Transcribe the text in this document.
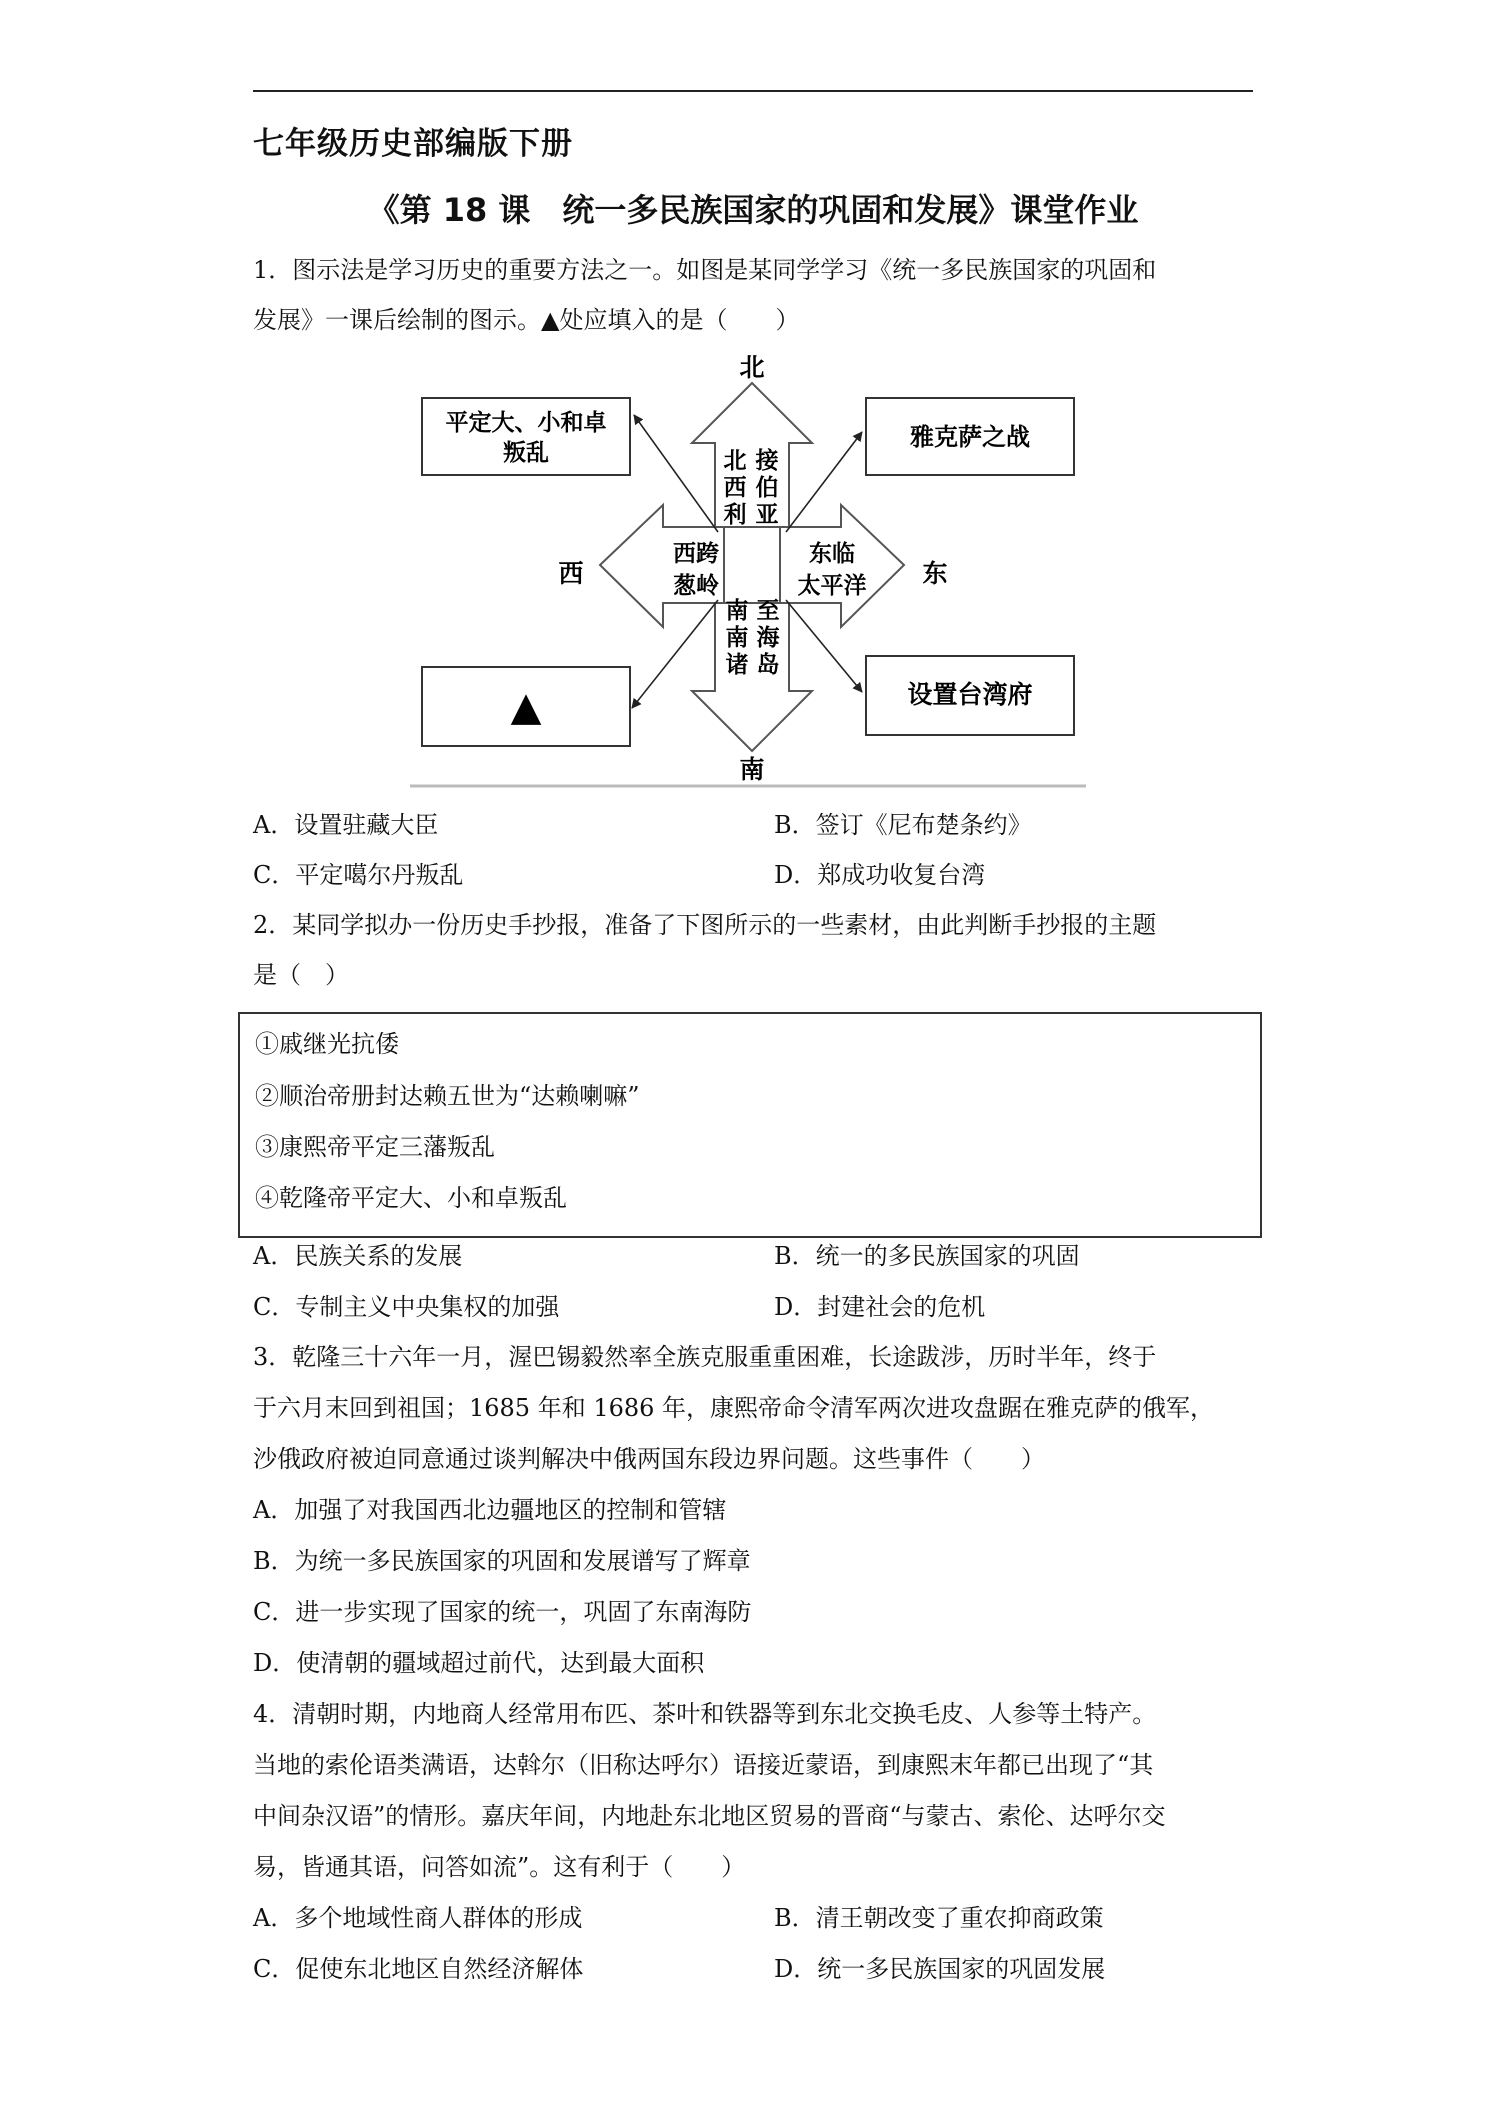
七年级历史部编版下册
《第 18 课　统一多民族国家的巩固和发展》课堂作业
1．图示法是学习历史的重要方法之一。如图是某同学学习《统一多民族国家的巩固和
发展》一课后绘制的图示。▲处应填入的是（　　）
北西利
接伯亚
西跨
葱岭
东临
太平洋
南南诸
至海岛
北
南
西	东
平定大、小和卓
叛乱
雅克萨之战
▲	设置台湾府
A．设置驻藏大臣	B．签订《尼布楚条约》
C．平定噶尔丹叛乱	D．郑成功收复台湾
2．某同学拟办一份历史手抄报，准备了下图所示的一些素材，由此判断手抄报的主题
是（　）
①戚继光抗倭
②顺治帝册封达赖五世为“达赖喇嘛”
③康熙帝平定三藩叛乱
④乾隆帝平定大、小和卓叛乱
A．民族关系的发展	B．统一的多民族国家的巩固
C．专制主义中央集权的加强	D．封建社会的危机
3．乾隆三十六年一月，渥巴锡毅然率全族克服重重困难，长途跋涉，历时半年，终于
于六月末回到祖国；1685 年和 1686 年，康熙帝命令清军两次进攻盘踞在雅克萨的俄军，
沙俄政府被迫同意通过谈判解决中俄两国东段边界问题。这些事件（　　）
A．加强了对我国西北边疆地区的控制和管辖
B．为统一多民族国家的巩固和发展谱写了辉章
C．进一步实现了国家的统一，巩固了东南海防
D．使清朝的疆域超过前代，达到最大面积
4．清朝时期，内地商人经常用布匹、茶叶和铁器等到东北交换毛皮、人参等土特产。
当地的索伦语类满语，达斡尔（旧称达呼尔）语接近蒙语，到康熙末年都已出现了“其
中间杂汉语”的情形。嘉庆年间，内地赴东北地区贸易的晋商“与蒙古、索伦、达呼尔交
易，皆通其语，问答如流”。这有利于（　　）
A．多个地域性商人群体的形成	B．清王朝改变了重农抑商政策
C．促使东北地区自然经济解体	D．统一多民族国家的巩固发展
